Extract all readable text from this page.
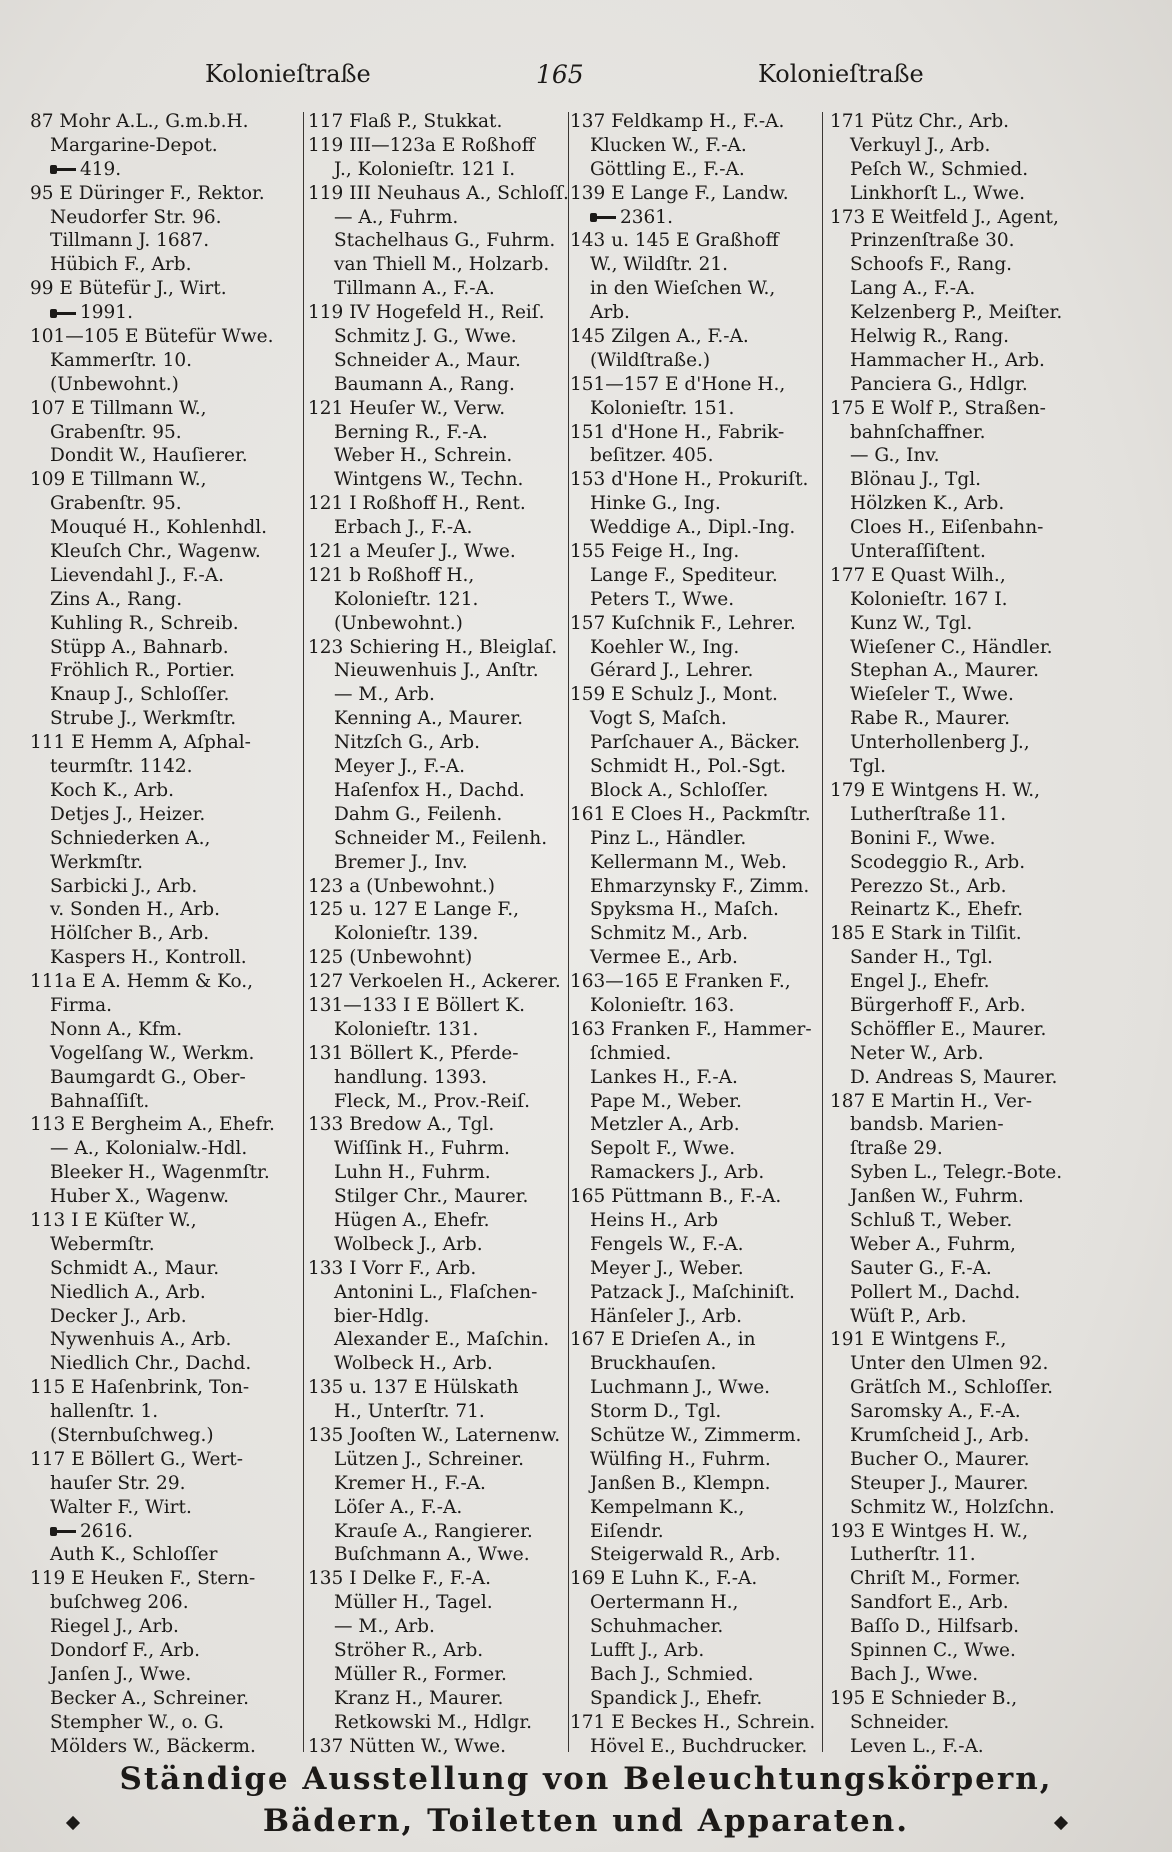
Kolonieſtraße	165	Kolonieſtraße
87 Mohr A.L., G.m.b.H.
Margarine-Depot.
419.
95 E Düringer F., Rektor.
Neudorfer Str. 96.
Tillmann J. 1687.
Hübich F., Arb.
99 E Bütefür J., Wirt.
1991.
101—105 E Bütefür Wwe.
Kammerſtr. 10.
(Unbewohnt.)
107 E Tillmann W.,
Grabenſtr. 95.
Dondit W., Hauſierer.
109 E Tillmann W.,
Grabenſtr. 95.
Mouqué H., Kohlenhdl.
Kleuſch Chr., Wagenw.
Lievendahl J., F.-A.
Zins A., Rang.
Kuhling R., Schreib.
Stüpp A., Bahnarb.
Fröhlich R., Portier.
Knaup J., Schloſſer.
Strube J., Werkmſtr.
111 E Hemm A, Aſphal-
teurmſtr. 1142.
Koch K., Arb.
Detjes J., Heizer.
Schniederken A.,
Werkmſtr.
Sarbicki J., Arb.
v. Sonden H., Arb.
Hölſcher B., Arb.
Kaspers H., Kontroll.
111a E A. Hemm & Ko.,
Firma.
Nonn A., Kfm.
Vogelſang W., Werkm.
Baumgardt G., Ober-
Bahnaſſiſt.
113 E Bergheim A., Ehefr.
— A., Kolonialw.-Hdl.
Bleeker H., Wagenmſtr.
Huber X., Wagenw.
113 I E Küſter W.,
Webermſtr.
Schmidt A., Maur.
Niedlich A., Arb.
Decker J., Arb.
Nywenhuis A., Arb.
Niedlich Chr., Dachd.
115 E Haſenbrink, Ton-
hallenſtr. 1.
(Sternbuſchweg.)
117 E Böllert G., Wert-
hauſer Str. 29.
Walter F., Wirt.
2616.
Auth K., Schloſſer
119 E Heuken F., Stern-
buſchweg 206.
Riegel J., Arb.
Dondorf F., Arb.
Janſen J., Wwe.
Becker A., Schreiner.
Stempher W., o. G.
Mölders W., Bäckerm.
117 Flaß P., Stukkat.
119 III—123a E Roßhoff
J., Kolonieſtr. 121 I.
119 III Neuhaus A., Schloſſ.
— A., Fuhrm.
Stachelhaus G., Fuhrm.
van Thiell M., Holzarb.
Tillmann A., F.-A.
119 IV Hogefeld H., Reiſ.
Schmitz J. G., Wwe.
Schneider A., Maur.
Baumann A., Rang.
121 Heuſer W., Verw.
Berning R., F.-A.
Weber H., Schrein.
Wintgens W., Techn.
121 I Roßhoff H., Rent.
Erbach J., F.-A.
121 a Meuſer J., Wwe.
121 b Roßhoff H.,
Kolonieſtr. 121.
(Unbewohnt.)
123 Schiering H., Bleiglaſ.
Nieuwenhuis J., Anſtr.
— M., Arb.
Kenning A., Maurer.
Nitzſch G., Arb.
Meyer J., F.-A.
Haſenfox H., Dachd.
Dahm G., Feilenh.
Schneider M., Feilenh.
Bremer J., Inv.
123 a (Unbewohnt.)
125 u. 127 E Lange F.,
Kolonieſtr. 139.
125 (Unbewohnt)
127 Verkoelen H., Ackerer.
131—133 I E Böllert K.
Kolonieſtr. 131.
131 Böllert K., Pferde-
handlung. 1393.
Fleck, M., Prov.-Reiſ.
133 Bredow A., Tgl.
Wiſſink H., Fuhrm.
Luhn H., Fuhrm.
Stilger Chr., Maurer.
Hügen A., Ehefr.
Wolbeck J., Arb.
133 I Vorr F., Arb.
Antonini L., Flaſchen-
bier-Hdlg.
Alexander E., Maſchin.
Wolbeck H., Arb.
135 u. 137 E Hülskath
H., Unterſtr. 71.
135 Jooſten W., Laternenw.
Lützen J., Schreiner.
Kremer H., F.-A.
Löſer A., F.-A.
Krauſe A., Rangierer.
Buſchmann A., Wwe.
135 I Delke F., F.-A.
Müller H., Tagel.
— M., Arb.
Ströher R., Arb.
Müller R., Former.
Kranz H., Maurer.
Retkowski M., Hdlgr.
137 Nütten W., Wwe.
137 Feldkamp H., F.-A.
Klucken W., F.-A.
Göttling E., F.-A.
139 E Lange F., Landw.
2361.
143 u. 145 E Graßhoff
W., Wildſtr. 21.
in den Wieſchen W.,
Arb.
145 Zilgen A., F.-A.
(Wildſtraße.)
151—157 E d'Hone H.,
Kolonieſtr. 151.
151 d'Hone H., Fabrik-
beſitzer. 405.
153 d'Hone H., Prokuriſt.
Hinke G., Ing.
Weddige A., Dipl.-Ing.
155 Feige H., Ing.
Lange F., Spediteur.
Peters T., Wwe.
157 Kuſchnik F., Lehrer.
Koehler W., Ing.
Gérard J., Lehrer.
159 E Schulz J., Mont.
Vogt S, Maſch.
Parſchauer A., Bäcker.
Schmidt H., Pol.-Sgt.
Block A., Schloſſer.
161 E Cloes H., Packmſtr.
Pinz L., Händler.
Kellermann M., Web.
Ehmarzynsky F., Zimm.
Spyksma H., Maſch.
Schmitz M., Arb.
Vermee E., Arb.
163—165 E Franken F.,
Kolonieſtr. 163.
163 Franken F., Hammer-
ſchmied.
Lankes H., F.-A.
Pape M., Weber.
Metzler A., Arb.
Sepolt F., Wwe.
Ramackers J., Arb.
165 Püttmann B., F.-A.
Heins H., Arb
Fengels W., F.-A.
Meyer J., Weber.
Patzack J., Maſchiniſt.
Hänſeler J., Arb.
167 E Drieſen A., in
Bruckhauſen.
Luchmann J., Wwe.
Storm D., Tgl.
Schütze W., Zimmerm.
Wülfing H., Fuhrm.
Janßen B., Klempn.
Kempelmann K.,
Eiſendr.
Steigerwald R., Arb.
169 E Luhn K., F.-A.
Oertermann H.,
Schuhmacher.
Lufft J., Arb.
Bach J., Schmied.
Spandick J., Ehefr.
171 E Beckes H., Schrein.
Hövel E., Buchdrucker.
171 Pütz Chr., Arb.
Verkuyl J., Arb.
Peſch W., Schmied.
Linkhorſt L., Wwe.
173 E Weitfeld J., Agent,
Prinzenſtraße 30.
Schoofs F., Rang.
Lang A., F.-A.
Kelzenberg P., Meiſter.
Helwig R., Rang.
Hammacher H., Arb.
Panciera G., Hdlgr.
175 E Wolf P., Straßen-
bahnſchaffner.
— G., Inv.
Blönau J., Tgl.
Hölzken K., Arb.
Cloes H., Eiſenbahn-
Unteraſſiſtent.
177 E Quast Wilh.,
Kolonieſtr. 167 I.
Kunz W., Tgl.
Wieſener C., Händler.
Stephan A., Maurer.
Wieſeler T., Wwe.
Rabe R., Maurer.
Unterhollenberg J.,
Tgl.
179 E Wintgens H. W.,
Lutherſtraße 11.
Bonini F., Wwe.
Scodeggio R., Arb.
Perezzo St., Arb.
Reinartz K., Ehefr.
185 E Stark in Tilſit.
Sander H., Tgl.
Engel J., Ehefr.
Bürgerhoff F., Arb.
Schöffler E., Maurer.
Neter W., Arb.
D. Andreas S, Maurer.
187 E Martin H., Ver-
bandsb. Marien-
ſtraße 29.
Syben L., Telegr.-Bote.
Janßen W., Fuhrm.
Schluß T., Weber.
Weber A., Fuhrm,
Sauter G., F.-A.
Pollert M., Dachd.
Wüſt P., Arb.
191 E Wintgens F.,
Unter den Ulmen 92.
Grätſch M., Schloſſer.
Saromsky A., F.-A.
Krumſcheid J., Arb.
Bucher O., Maurer.
Steuper J., Maurer.
Schmitz W., Holzſchn.
193 E Wintges H. W.,
Lutherſtr. 11.
Chriſt M., Former.
Sandfort E., Arb.
Baſſo D., Hilfsarb.
Spinnen C., Wwe.
Bach J., Wwe.
195 E Schnieder B.,
Schneider.
Leven L., F.-A.
Ständige Ausstellung von Beleuchtungskörpern,
Bädern, Toiletten und Apparaten.
